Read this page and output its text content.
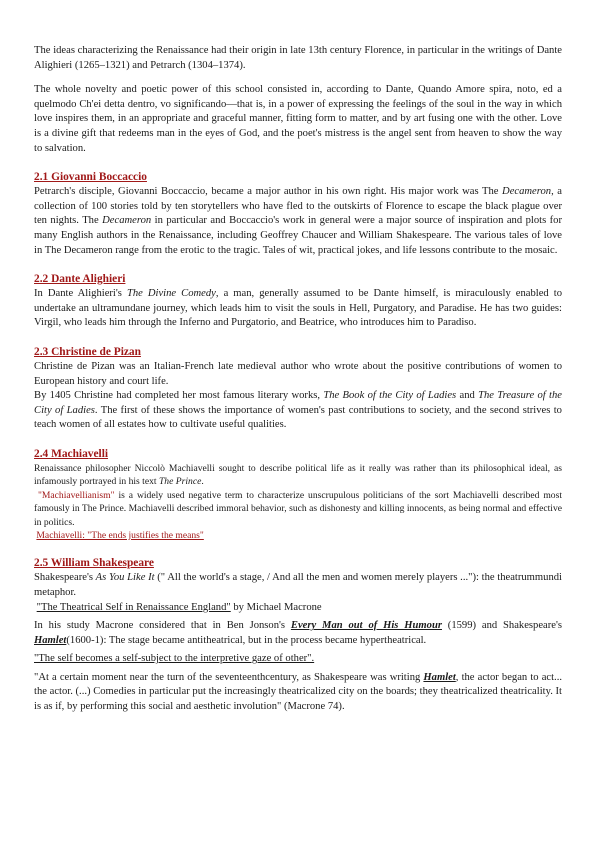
The ideas characterizing the Renaissance had their origin in late 13th century Florence, in particular in the writings of Dante Alighieri (1265–1321) and Petrarch (1304–1374).

The whole novelty and poetic power of this school consisted in, according to Dante, Quando Amore spira, noto, ed a quelmodo Ch'ei detta dentro, vo significando—that is, in a power of expressing the feelings of the soul in the way in which love inspires them, in an appropriate and graceful manner, fitting form to matter, and by art fusing one with the other. Love is a divine gift that redeems man in the eyes of God, and the poet's mistress is the angel sent from heaven to show the way to salvation.

2.1 Giovanni Boccaccio

Petrarch's disciple, Giovanni Boccaccio, became a major author in his own right. His major work was The Decameron, a collection of 100 stories told by ten storytellers who have fled to the outskirts of Florence to escape the black plague over ten nights. The Decameron in particular and Boccaccio's work in general were a major source of inspiration and plots for many English authors in the Renaissance, including Geoffrey Chaucer and William Shakespeare. The various tales of love in The Decameron range from the erotic to the tragic. Tales of wit, practical jokes, and life lessons contribute to the mosaic.

2.2 Dante Alighieri

In Dante Alighieri's The Divine Comedy, a man, generally assumed to be Dante himself, is miraculously enabled to undertake an ultramundane journey, which leads him to visit the souls in Hell, Purgatory, and Paradise. He has two guides: Virgil, who leads him through the Inferno and Purgatorio, and Beatrice, who introduces him to Paradiso.

2.3 Christine de Pizan

Christine de Pizan was an Italian-French late medieval author who wrote about the positive contributions of women to European history and court life.

By 1405 Christine had completed her most famous literary works, The Book of the City of Ladies and The Treasure of the City of Ladies. The first of these shows the importance of women's past contributions to society, and the second strives to teach women of all estates how to cultivate useful qualities.

2.4 Machiavelli

Renaissance philosopher Niccolò Machiavelli sought to describe political life as it really was rather than its philosophical ideal, as infamously portrayed in his text The Prince.

"Machiavellianism" is a widely used negative term to characterize unscrupulous politicians of the sort Machiavelli described most famously in The Prince. Machiavelli described immoral behavior, such as dishonesty and killing innocents, as being normal and effective in politics.

Machiavelli: "The ends justifies the means"

2.5 William Shakespeare

Shakespeare's As You Like It (" All the world's a stage, / And all the men and women merely players ..."): the theatrummundi metaphor.

"The Theatrical Self in Renaissance England" by Michael Macrone

In his study Macrone considered that in Ben Jonson's Every Man out of His Humour (1599) and Shakespeare's Hamlet(1600-1): The stage became antitheatrical, but in the process became hypertheatrical.

"The self becomes a self-subject to the interpretive gaze of other".

"At a certain moment near the turn of the seventeenthcentury, as Shakespeare was writing Hamlet, the actor began to act... the actor. (...) Comedies in particular put the increasingly theatricalized city on the boards; they theatricalized theatricality. It is as if, by performing this social and aesthetic involution" (Macrone 74).
